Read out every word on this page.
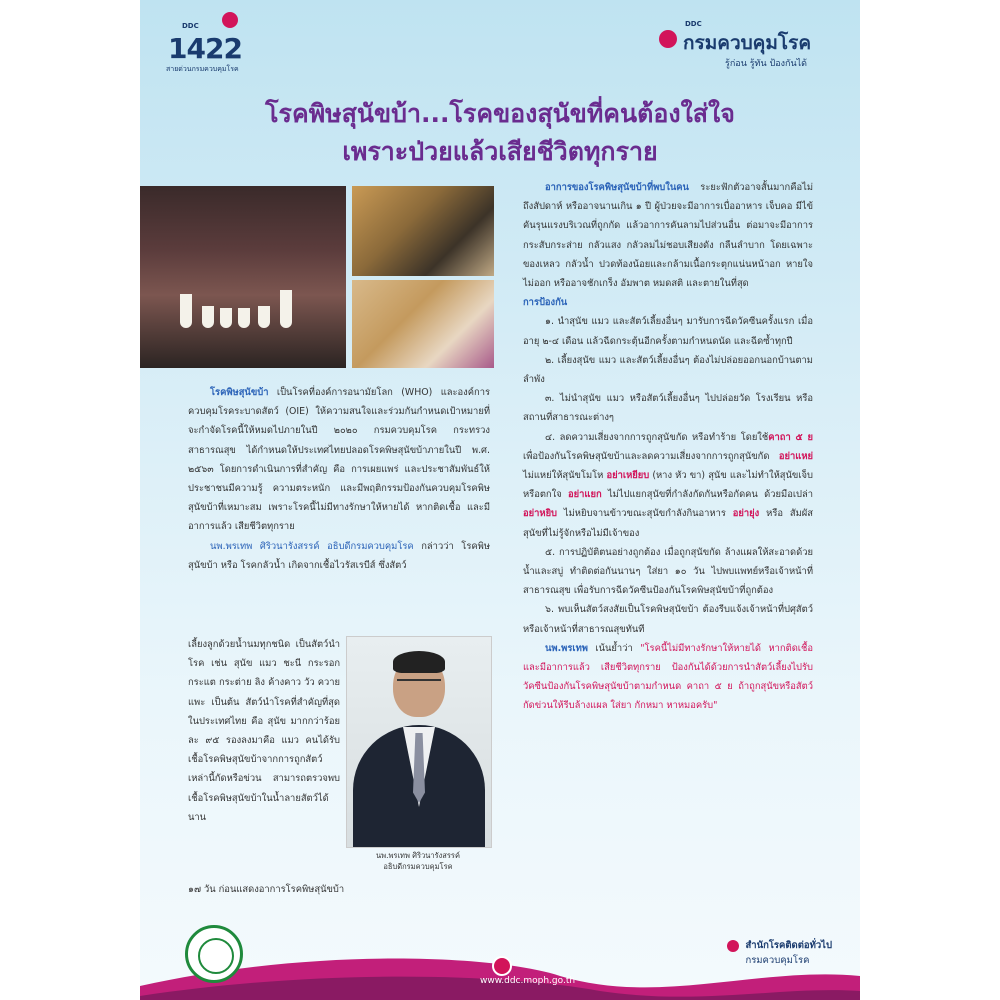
DDC
1422
สายด่วนกรมควบคุมโรค
DDC
กรมควบคุมโรค
รู้ก่อน รู้ทัน ป้องกันได้
โรคพิษสุนัขบ้า...โรคของสุนัขที่คนต้องใส่ใจ
เพราะป่วยแล้วเสียชีวิตทุกราย

โรคพิษสุนัขบ้า เป็นโรคที่องค์การอนามัยโลก (WHO) และองค์การควบคุมโรคระบาดสัตว์ (OIE) ให้ความสนใจและร่วมกันกำหนดเป้าหมายที่จะกำจัดโรคนี้ให้หมดไปภายในปี ๒๐๒๐ กรมควบคุมโรค กระทรวงสาธารณสุข ได้กำหนดให้ประเทศไทยปลอดโรคพิษสุนัขบ้าภายในปี พ.ศ. ๒๕๖๓ โดยการดำเนินการที่สำคัญ คือ การเผยแพร่ และประชาสัมพันธ์ให้ประชาชนมีความรู้ ความตระหนัก และมีพฤติกรรมป้องกันควบคุมโรคพิษสุนัขบ้าที่เหมาะสม เพราะโรคนี้ไม่มีทางรักษาให้หายได้ หากติดเชื้อ และมีอาการแล้ว เสียชีวิตทุกราย

นพ.พรเทพ ศิริวนารังสรรค์ อธิบดีกรมควบคุมโรค กล่าวว่า โรคพิษสุนัขบ้า หรือ โรคกลัวน้ำ เกิดจากเชื้อไวรัสเรบีส์ ซึ่งสัตว์

เลี้ยงลูกด้วยน้ำนมทุกชนิด เป็นสัตว์นำโรค เช่น สุนัข แมว ชะนี กระรอก กระแต กระต่าย ลิง ค้างคาว วัว ควาย แพะ เป็นต้น สัตว์นำโรคที่สำคัญที่สุดในประเทศไทย คือ สุนัข มากกว่าร้อยละ ๙๕ รองลงมาคือ แมว คนได้รับเชื้อโรคพิษสุนัขบ้าจากการถูกสัตว์เหล่านี้กัดหรือข่วน สามารถตรวจพบ เชื้อโรคพิษสุนัขบ้าในน้ำลายสัตว์ได้นาน
๑๗ วัน ก่อนแสดงอาการโรคพิษสุนัขบ้า
นพ.พรเทพ ศิริวนารังสรรค์
อธิบดีกรมควบคุมโรค

อาการของโรคพิษสุนัขบ้าที่พบในคน ระยะฟักตัวอาจสั้นมากคือไม่ถึงสัปดาห์ หรืออาจนานเกิน ๑ ปี ผู้ป่วยจะมีอาการเบื่ออาหาร เจ็บคอ มีไข้ คันรุนแรงบริเวณที่ถูกกัด แล้วอาการคันลามไปส่วนอื่น ต่อมาจะมีอาการกระสับกระส่าย กลัวแสง กลัวลมไม่ชอบเสียงดัง กลืนลำบาก โดยเฉพาะของเหลว กลัวน้ำ ปวดท้องน้อยและกล้ามเนื้อกระตุกแน่นหน้าอก หายใจไม่ออก หรืออาจชักเกร็ง อัมพาต หมดสติ และตายในที่สุด

การป้องกัน

๑. นำสุนัข แมว และสัตว์เลี้ยงอื่นๆ มารับการฉีดวัคซีนครั้งแรก เมื่ออายุ ๒-๔ เดือน แล้วฉีดกระตุ้นอีกครั้งตามกำหนดนัด และฉีดซ้ำทุกปี

๒. เลี้ยงสุนัข แมว และสัตว์เลี้ยงอื่นๆ ต้องไม่ปล่อยออกนอกบ้านตามลำพัง

๓. ไม่นำสุนัข แมว หรือสัตว์เลี้ยงอื่นๆ ไปปล่อยวัด โรงเรียน หรือ สถานที่สาธารณะต่างๆ

๔. ลดความเสี่ยงจากการถูกสุนัขกัด หรือทำร้าย โดยใช้คาถา ๕ ย เพื่อป้องกันโรคพิษสุนัขบ้าและลดความเสี่ยงจากการถูกสุนัขกัด อย่าแหย่ ไม่แหย่ให้สุนัขโมโห อย่าเหยียบ (หาง หัว ขา) สุนัข และไม่ทำให้สุนัขเจ็บหรือตกใจ อย่าแยก ไม่ไปแยกสุนัขที่กำลังกัดกันหรือกัดคน ด้วยมือเปล่า อย่าหยิบ ไม่หยิบจานข้าวขณะสุนัขกำลังกินอาหาร อย่ายุ่ง หรือ สัมผัสสุนัขที่ไม่รู้จักหรือไม่มีเจ้าของ

๕. การปฏิบัติตนอย่างถูกต้อง เมื่อถูกสุนัขกัด ล้างแผลให้สะอาดด้วยน้ำและสบู่ ทำติดต่อกันนานๆ ใส่ยา ๑๐ วัน ไปพบแพทย์หรือเจ้าหน้าที่สาธารณสุข เพื่อรับการฉีดวัคซีนป้องกันโรคพิษสุนัขบ้าที่ถูกต้อง

๖. พบเห็นสัตว์สงสัยเป็นโรคพิษสุนัขบ้า ต้องรีบแจ้งเจ้าหน้าที่ปศุสัตว์ หรือเจ้าหน้าที่สาธารณสุขทันที

นพ.พรเทพ เน้นย้ำว่า "โรคนี้ไม่มีทางรักษาให้หายได้ หากติดเชื้อ และมีอาการแล้ว เสียชีวิตทุกราย ป้องกันได้ด้วยการนำสัตว์เลี้ยงไปรับวัคซีนป้องกันโรคพิษสุนัขบ้าตามกำหนด คาถา ๕ ย ถ้าถูกสุนัขหรือสัตว์ กัดข่วนให้รีบล้างแผล ใส่ยา กักหมา หาหมอครับ"

www.ddc.moph.go.th
สำนักโรคติดต่อทั่วไป
กรมควบคุมโรค
